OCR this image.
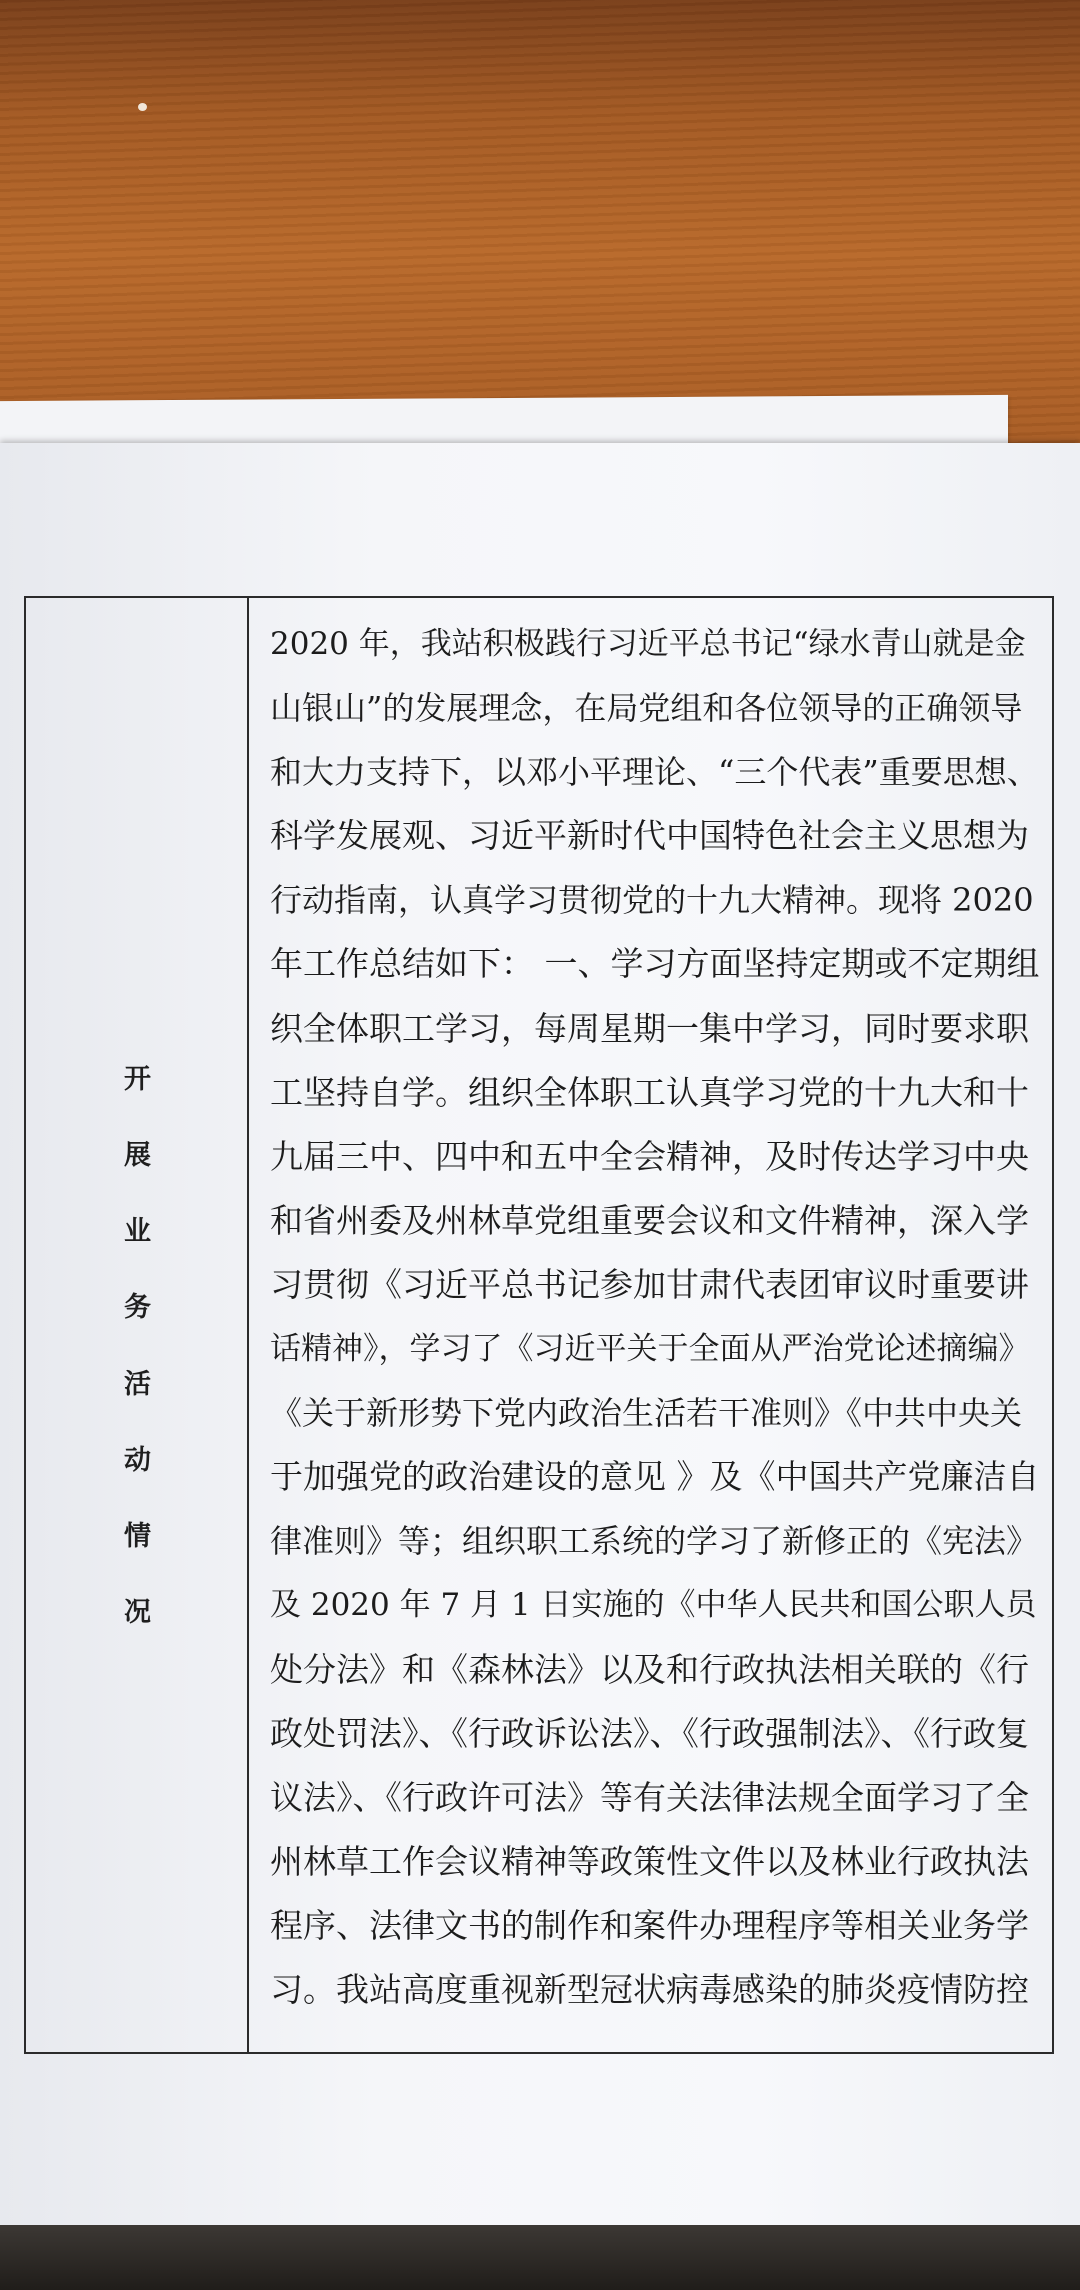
开
展
业
务
活
动
情
况
2020 年，我站积极践行习近平总书记“绿水青山就是金
山银山”的发展理念，在局党组和各位领导的正确领导
和大力支持下，以邓小平理论、“三个代表”重要思想、
科学发展观、习近平新时代中国特色社会主义思想为
行动指南，认真学习贯彻党的十九大精神。现将 2020
年工作总结如下： 一、学习方面坚持定期或不定期组
织全体职工学习，每周星期一集中学习，同时要求职
工坚持自学。组织全体职工认真学习党的十九大和十
九届三中、四中和五中全会精神，及时传达学习中央
和省州委及州林草党组重要会议和文件精神，深入学
习贯彻《习近平总书记参加甘肃代表团审议时重要讲
话精神》，学习了《习近平关于全面从严治党论述摘编》
《关于新形势下党内政治生活若干准则》《中共中央关
于加强党的政治建设的意见 》及《中国共产党廉洁自
律准则》等；组织职工系统的学习了新修正的《宪法》
及 2020 年 7 月 1 日实施的《中华人民共和国公职人员
处分法》和《森林法》以及和行政执法相关联的《行
政处罚法》、《行政诉讼法》、《行政强制法》、《行政复
议法》、《行政许可法》等有关法律法规全面学习了全
州林草工作会议精神等政策性文件以及林业行政执法
程序、法律文书的制作和案件办理程序等相关业务学
习。我站高度重视新型冠状病毒感染的肺炎疫情防控
